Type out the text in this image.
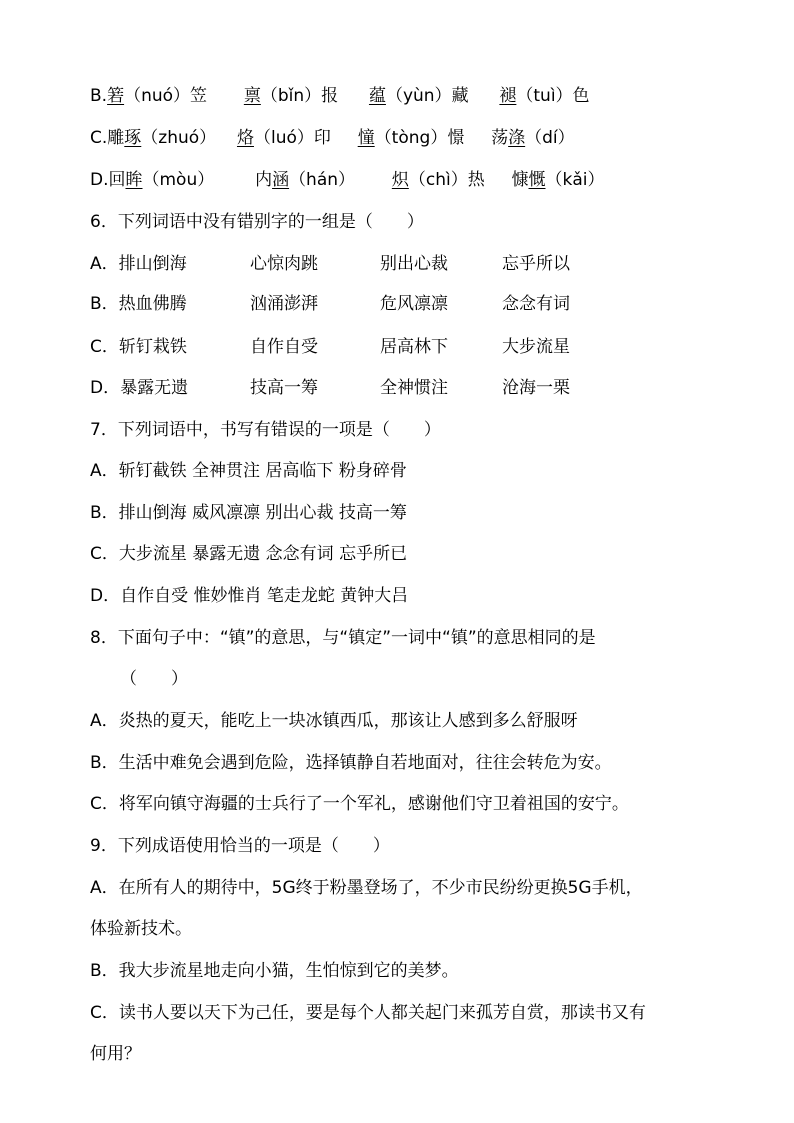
B.箬（nuó）笠 禀（bǐn）报 蕴（yùn）藏 褪（tuì）色
C.雕琢（zhuó） 烙（luó）印 憧（tòng）憬 荡涤（dí）
D.回眸（mòu） 内涵（hán） 炽（chì）热 慷慨（kǎi）
6．下列词语中没有错别字的一组是（　　）
A．排山倒海	心惊肉跳	别出心裁	忘乎所以
B．热血佛腾	汹涌澎湃	危风凛凛	念念有词
C．斩钉栽铁	自作自受	居高林下	大步流星
D．暴露无遗	技高一筹	全神惯注	沧海一栗
7．下列词语中，书写有错误的一项是（　　）
A．斩钉截铁 全神贯注 居高临下 粉身碎骨
B．排山倒海 威风凛凛 别出心裁 技高一筹
C．大步流星 暴露无遗 念念有词 忘乎所已
D．自作自受 惟妙惟肖 笔走龙蛇 黄钟大吕
8．下面句子中：“镇”的意思，与“镇定”一词中“镇”的意思相同的是
（　　）
A．炎热的夏天，能吃上一块冰镇西瓜，那该让人感到多么舒服呀
B．生活中难免会遇到危险，选择镇静自若地面对，往往会转危为安。
C．将军向镇守海疆的士兵行了一个军礼，感谢他们守卫着祖国的安宁。
9．下列成语使用恰当的一项是（　　）
A．在所有人的期待中，5G终于粉墨登场了，不少市民纷纷更换5G手机，
体验新技术。
B．我大步流星地走向小猫，生怕惊到它的美梦。
C．读书人要以天下为己任，要是每个人都关起门来孤芳自赏，那读书又有
何用？
